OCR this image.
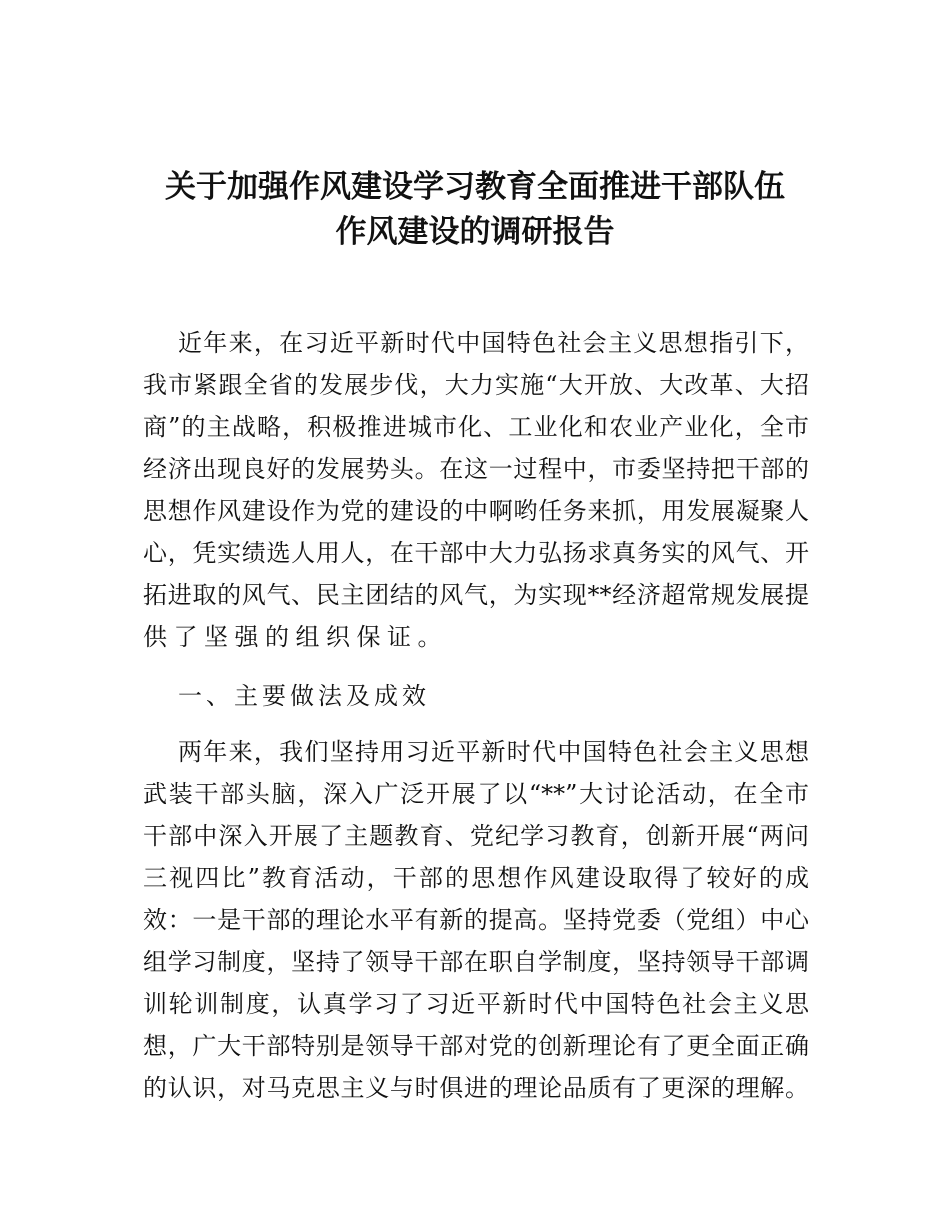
关于加强作风建设学习教育全面推进干部队伍
作风建设的调研报告
近年来，在习近平新时代中国特色社会主义思想指引下，
我市紧跟全省的发展步伐，大力实施“大开放、大改革、大招
商”的主战略，积极推进城市化、工业化和农业产业化，全市
经济出现良好的发展势头。在这一过程中，市委坚持把干部的
思想作风建设作为党的建设的中啊哟任务来抓，用发展凝聚人
心，凭实绩选人用人，在干部中大力弘扬求真务实的风气、开
拓进取的风气、民主团结的风气，为实现**经济超常规发展提
供了坚强的组织保证。
一、主要做法及成效
两年来，我们坚持用习近平新时代中国特色社会主义思想
武装干部头脑，深入广泛开展了以“**”大讨论活动，在全市
干部中深入开展了主题教育、党纪学习教育，创新开展“两问
三视四比”教育活动，干部的思想作风建设取得了较好的成
效：一是干部的理论水平有新的提高。坚持党委（党组）中心
组学习制度，坚持了领导干部在职自学制度，坚持领导干部调
训轮训制度，认真学习了习近平新时代中国特色社会主义思
想，广大干部特别是领导干部对党的创新理论有了更全面正确
的认识，对马克思主义与时俱进的理论品质有了更深的理解。
